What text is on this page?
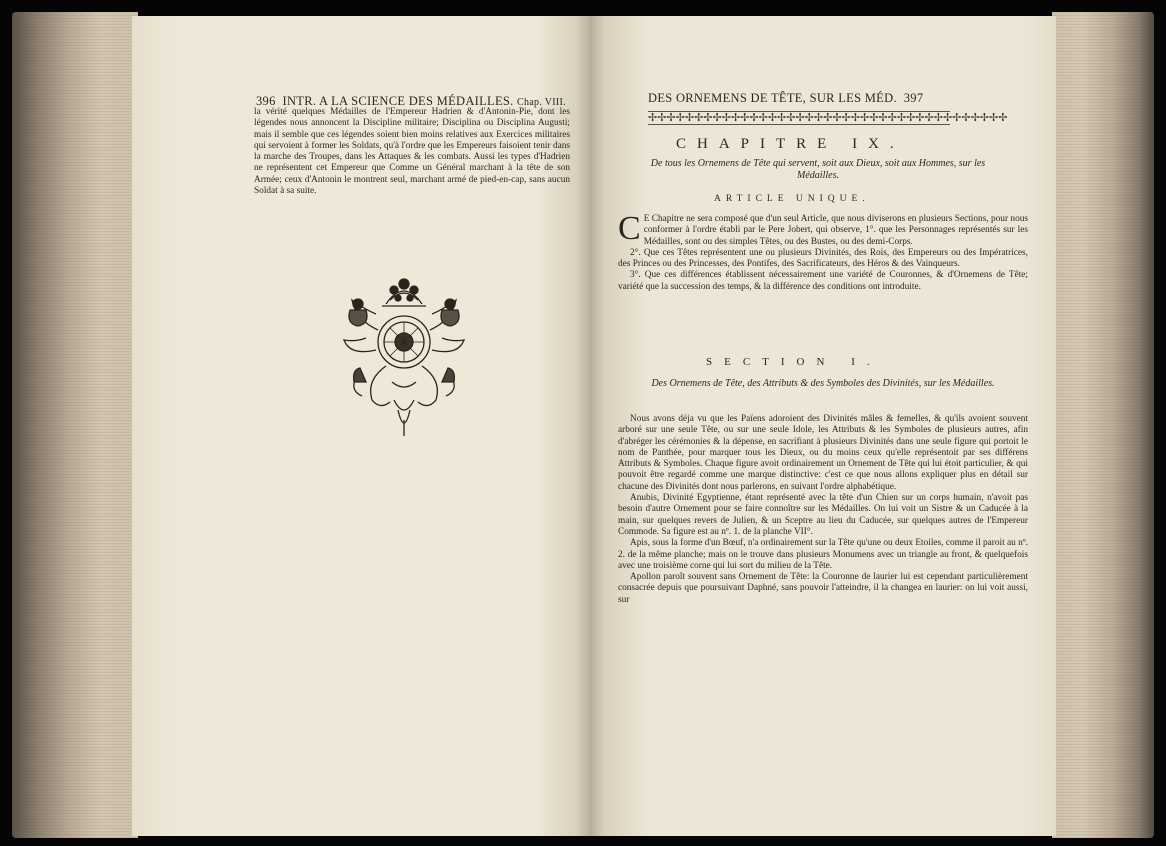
396 INTR. A LA SCIENCE DES MÉDAILLES. Chap. VIII.

la vérité quelques Médailles de l'Empereur Hadrien & d'Antonin-Pie, dont les légendes nous annoncent la Discipline militaire; Disciplina ou Disciplina Augusti; mais il semble que ces légendes soient bien moins relatives aux Exercices militaires qui servoient à former les Soldats, qu'à l'ordre que les Empereurs faisoient tenir dans la marche des Troupes, dans les Attaques & les combats. Aussi les types d'Hadrien ne représentent cet Empereur que Comme un Général marchant à la tête de son Armée; ceux d'Antonin le montrent seul, marchant armé de pied-en-cap, sans aucun Soldat à sa suite.

DES ORNEMENS DE TÊTE, SUR LES MÉD. 397
✢✢✢✢✢✢✢✢✢✢✢✢✢✢✢✢✢✢✢✢✢✢✢✢✢✢✢✢✢✢✢✢✢✢✢✢✢✢✢
CHAPITRE IX.
De tous les Ornemens de Tête qui servent, soit aux Dieux, soit aux Hommes, sur les Médailles.
ARTICLE UNIQUE.

C E Chapitre ne sera composé que d'un seul Article, que nous diviserons en plusieurs Sections, pour nous conformer à l'ordre établi par le Pere Jobert, qui observe, 1°. que les Personnages représentés sur les Médailles, sont ou des simples Têtes, ou des Bustes, ou des demi-Corps.

2°. Que ces Têtes représentent une ou plusieurs Divinités, des Rois, des Empereurs ou des Impératrices, des Princes ou des Princesses, des Pontifes, des Sacrificateurs, des Héros & des Vainqueurs.

3°. Que ces différences établissent nécessairement une variété de Couronnes, & d'Ornemens de Tête; variété que la succession des temps, & la différence des conditions ont introduite.

SECTION I.
Des Ornemens de Tête, des Attributs & des Symboles des Divinités, sur les Médailles.

Nous avons déja vu que les Païens adoroient des Divinités mâles & femelles, & qu'ils avoient souvent arboré sur une seule Tête, ou sur une seule Idole, les Attributs & les Symboles de plusieurs autres, afin d'abréger les cérémonies & la dépense, en sacrifiant à plusieurs Divinités dans une seule figure qui portoit le nom de Panthée, pour marquer tous les Dieux, ou du moins ceux qu'elle représentoit par ses différens Attributs & Symboles. Chaque figure avoit ordinairement un Ornement de Tête qui lui étoit particulier, & qui pouvoit être regardé comme une marque distinctive: c'est ce que nous allons expliquer plus en détail sur chacune des Divinités dont nous parlerons, en suivant l'ordre alphabétique.

Anubis, Divinité Egyptienne, étant représenté avec la tête d'un Chien sur un corps humain, n'avoit pas besoin d'autre Ornement pour se faire connoître sur les Médailles. On lui voit un Sistre & un Caducée à la main, sur quelques revers de Julien, & un Sceptre au lieu du Caducée, sur quelques autres de l'Empereur Commode. Sa figure est au nº. 1. de la planche VII°.

Apis, sous la forme d'un Bœuf, n'a ordinairement sur la Tête qu'une ou deux Etoiles, comme il paroit au nº. 2. de la même planche; mais on le trouve dans plusieurs Monumens avec un triangle au front, & quelquefois avec une troisième corne qui lui sort du milieu de la Tête.

Apollon paroît souvent sans Ornement de Tête: la Couronne de laurier lui est cependant particulièrement consacrée depuis que poursuivant Daphné, sans pouvoir l'atteindre, il la changea en laurier: on lui voit aussi, sur
